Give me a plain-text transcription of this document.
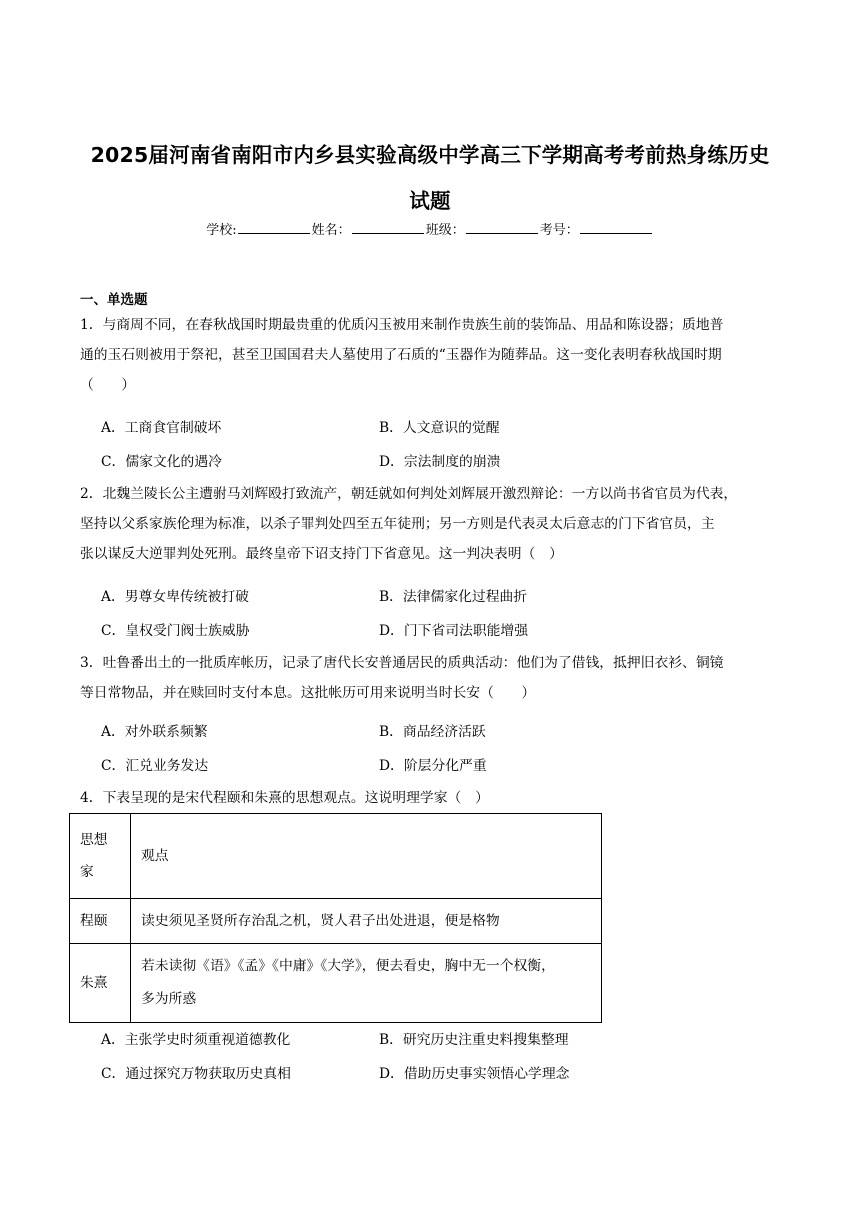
2025届河南省南阳市内乡县实验高级中学高三下学期高考考前热身练历史
试题
学校:	姓名：	班级：	考号：
一、单选题
1．与商周不同，在春秋战国时期最贵重的优质闪玉被用来制作贵族生前的装饰品、用品和陈设器；质地普
通的玉石则被用于祭祀，甚至卫国国君夫人墓使用了石质的“玉器作为随葬品。这一变化表明春秋战国时期
（　　）
A．工商食官制破坏	B．人文意识的觉醒
C．儒家文化的遇冷	D．宗法制度的崩溃
2．北魏兰陵长公主遭驸马刘辉殴打致流产，朝廷就如何判处刘辉展开激烈辩论：一方以尚书省官员为代表，
坚持以父系家族伦理为标准，以杀子罪判处四至五年徒刑；另一方则是代表灵太后意志的门下省官员，主
张以谋反大逆罪判处死刑。最终皇帝下诏支持门下省意见。这一判决表明（　）
A．男尊女卑传统被打破	B．法律儒家化过程曲折
C．皇权受门阀士族威胁	D．门下省司法职能增强
3．吐鲁番出土的一批质库帐历，记录了唐代长安普通居民的质典活动：他们为了借钱，抵押旧衣衫、铜镜
等日常物品，并在赎回时支付本息。这批帐历可用来说明当时长安（　　）
A．对外联系频繁	B．商品经济活跃
C．汇兑业务发达	D．阶层分化严重
4．下表呈现的是宋代程颐和朱熹的思想观点。这说明理学家（　）
思想
家	观点
程颐	读史须见圣贤所存治乱之机，贤人君子出处进退，便是格物
朱熹	若未读彻《语》《孟》《中庸》《大学》，便去看史，胸中无一个权衡，
多为所惑
A．主张学史时须重视道德教化	B．研究历史注重史料搜集整理
C．通过探究万物获取历史真相	D．借助历史事实领悟心学理念
